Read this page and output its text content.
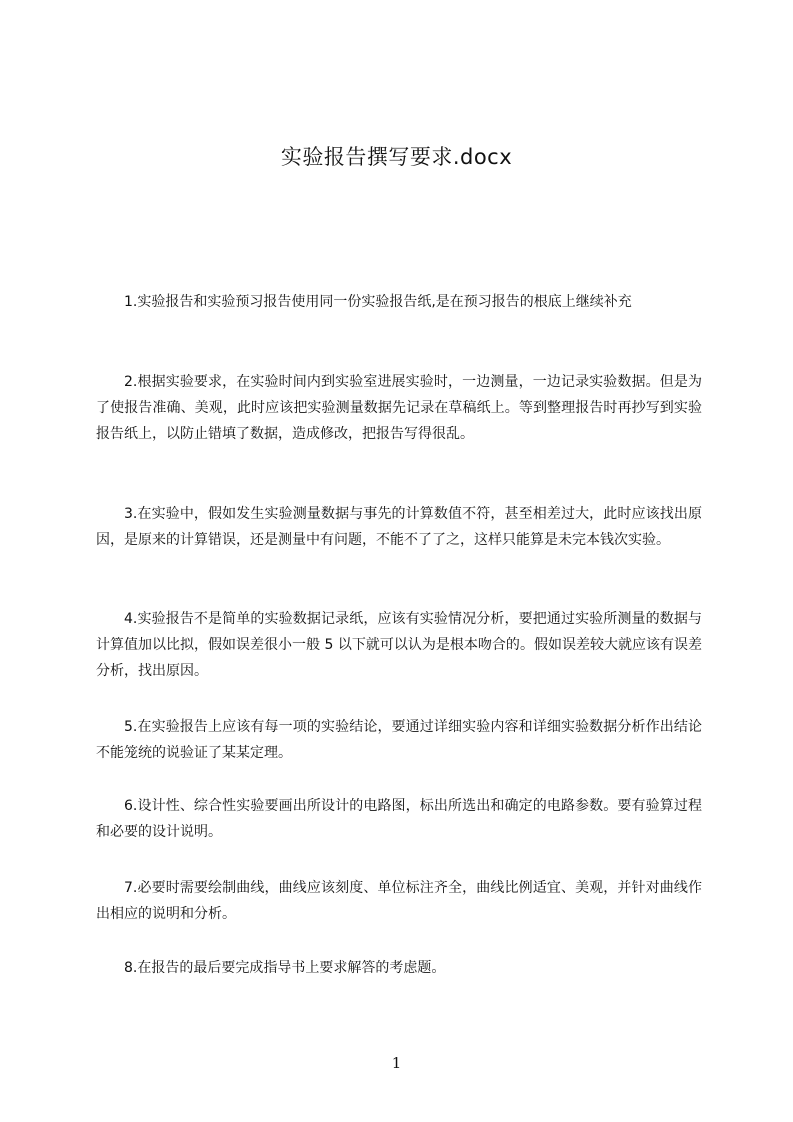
实验报告撰写要求.docx

1.实验报告和实验预习报告使用同一份实验报告纸,是在预习报告的根底上继续补充

2.根据实验要求，在实验时间内到实验室进展实验时，一边测量，一边记录实验数据。但是为了使报告准确、美观，此时应该把实验测量数据先记录在草稿纸上。等到整理报告时再抄写到实验报告纸上，以防止错填了数据，造成修改，把报告写得很乱。

3.在实验中，假如发生实验测量数据与事先的计算数值不符，甚至相差过大，此时应该找出原因，是原来的计算错误，还是测量中有问题，不能不了了之，这样只能算是未完本钱次实验。

4.实验报告不是简单的实验数据记录纸，应该有实验情况分析，要把通过实验所测量的数据与计算值加以比拟，假如误差很小一般 5 以下就可以认为是根本吻合的。假如误差较大就应该有误差分析，找出原因。

5.在实验报告上应该有每一项的实验结论，要通过详细实验内容和详细实验数据分析作出结论不能笼统的说验证了某某定理。

6.设计性、综合性实验要画出所设计的电路图，标出所选出和确定的电路参数。要有验算过程和必要的设计说明。

7.必要时需要绘制曲线，曲线应该刻度、单位标注齐全，曲线比例适宜、美观，并针对曲线作出相应的说明和分析。

8.在报告的最后要完成指导书上要求解答的考虑题。

1
